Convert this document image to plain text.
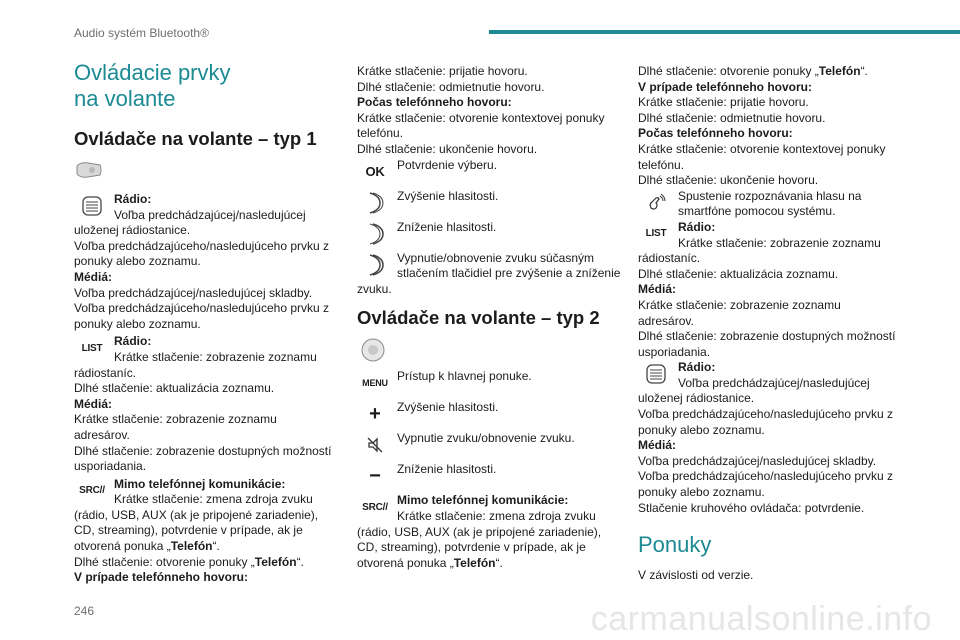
Audio systém Bluetooth®
Ovládacie prvky
na volante
Ovládače na volante – typ 1
Rádio:
Voľba predchádzajúcej/nasledujúcej
uloženej rádiostanice.
Voľba predchádzajúceho/nasledujúceho prvku z
ponuky alebo zoznamu.
Médiá:
Voľba predchádzajúcej/nasledujúcej skladby.
Voľba predchádzajúceho/nasledujúceho prvku z
ponuky alebo zoznamu.
LIST Rádio:
Krátke stlačenie: zobrazenie zoznamu
rádiostaníc.
Dlhé stlačenie: aktualizácia zoznamu.
Médiá:
Krátke stlačenie: zobrazenie zoznamu
adresárov.
Dlhé stlačenie: zobrazenie dostupných možností
usporiadania.
SRC // Mimo telefónnej komunikácie:
Krátke stlačenie: zmena zdroja zvuku
(rádio, USB, AUX (ak je pripojené zariadenie),
CD, streaming), potvrdenie v prípade, ak je
otvorená ponuka „Telefón“.
Dlhé stlačenie: otvorenie ponuky „Telefón“.
V prípade telefónneho hovoru:
Krátke stlačenie: prijatie hovoru.
Dlhé stlačenie: odmietnutie hovoru.
Počas telefónneho hovoru:
Krátke stlačenie: otvorenie kontextovej ponuky
telefónu.
Dlhé stlačenie: ukončenie hovoru.
OK	Potvrdenie výberu.
Zvýšenie hlasitosti.
Zníženie hlasitosti.
Vypnutie/obnovenie zvuku súčasným
stlačením tlačidiel pre zvýšenie a zníženie
zvuku.
Ovládače na volante – typ 2
MENU Prístup k hlavnej ponuke.
+	Zvýšenie hlasitosti.
Vypnutie zvuku/obnovenie zvuku.
−	Zníženie hlasitosti.
SRC // Mimo telefónnej komunikácie:
Krátke stlačenie: zmena zdroja zvuku
(rádio, USB, AUX (ak je pripojené zariadenie),
CD, streaming), potvrdenie v prípade, ak je
otvorená ponuka „Telefón“.
Dlhé stlačenie: otvorenie ponuky „Telefón“.
V prípade telefónneho hovoru:
Krátke stlačenie: prijatie hovoru.
Dlhé stlačenie: odmietnutie hovoru.
Počas telefónneho hovoru:
Krátke stlačenie: otvorenie kontextovej ponuky
telefónu.
Dlhé stlačenie: ukončenie hovoru.
Spustenie rozpoznávania hlasu na
smartfóne pomocou systému.
LIST Rádio:
Krátke stlačenie: zobrazenie zoznamu
rádiostaníc.
Dlhé stlačenie: aktualizácia zoznamu.
Médiá:
Krátke stlačenie: zobrazenie zoznamu
adresárov.
Dlhé stlačenie: zobrazenie dostupných možností
usporiadania.
Rádio:
Voľba predchádzajúcej/nasledujúcej
uloženej rádiostanice.
Voľba predchádzajúceho/nasledujúceho prvku z
ponuky alebo zoznamu.
Médiá:
Voľba predchádzajúcej/nasledujúcej skladby.
Voľba predchádzajúceho/nasledujúceho prvku z
ponuky alebo zoznamu.
Stlačenie kruhového ovládača: potvrdenie.
Ponuky
V závislosti od verzie.
246	carmanualsonline.info
